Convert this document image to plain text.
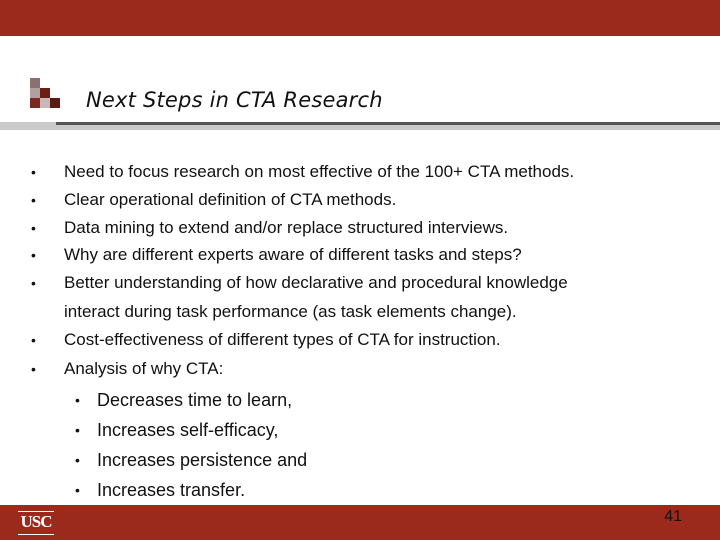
Next Steps in CTA Research
• Need to focus research on most effective of the 100+ CTA methods.
• Clear operational definition of CTA methods.
• Data mining to extend and/or replace structured interviews.
• Why are different experts aware of different tasks and steps?
• Better understanding of how declarative and procedural knowledge
interact during task performance (as task elements change).
• Cost-effectiveness of different types of CTA for instruction.
• Analysis of why CTA:
• Decreases time to learn,
• Increases self-efficacy,
• Increases persistence and
• Increases transfer.
USC	41
